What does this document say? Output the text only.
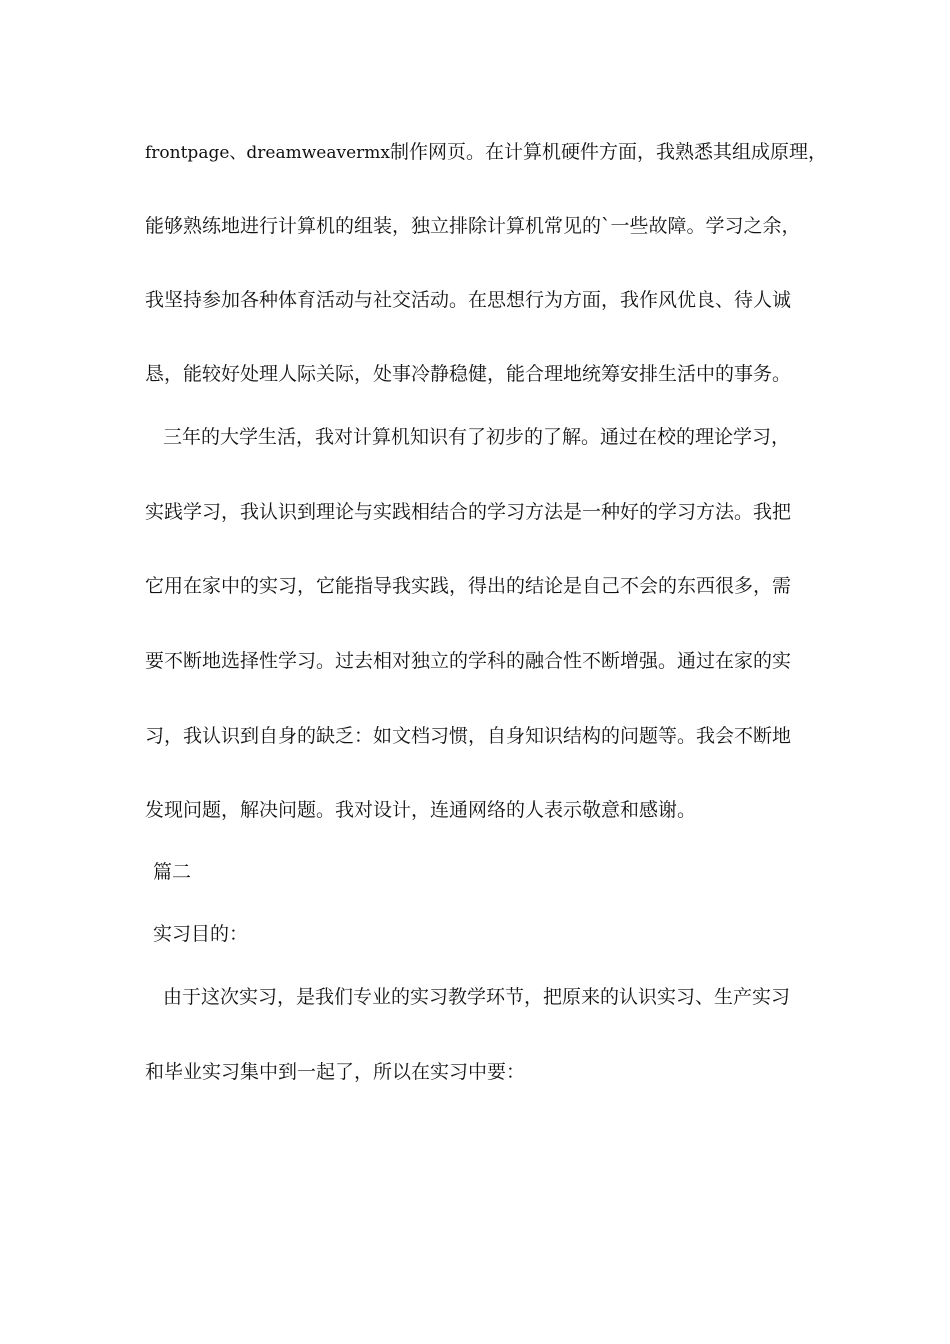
frontpage、dreamweavermx制作网页。在计算机硬件方面，我熟悉其组成原理，
能够熟练地进行计算机的组装，独立排除计算机常见的`一些故障。学习之余，
我坚持参加各种体育活动与社交活动。在思想行为方面，我作风优良、待人诚
恳，能较好处理人际关际，处事冷静稳健，能合理地统筹安排生活中的事务。
三年的大学生活，我对计算机知识有了初步的了解。通过在校的理论学习，
实践学习，我认识到理论与实践相结合的学习方法是一种好的学习方法。我把
它用在家中的实习，它能指导我实践，得出的结论是自己不会的东西很多，需
要不断地选择性学习。过去相对独立的学科的融合性不断增强。通过在家的实
习，我认识到自身的缺乏：如文档习惯，自身知识结构的问题等。我会不断地
发现问题，解决问题。我对设计，连通网络的人表示敬意和感谢。
篇二
实习目的：
由于这次实习，是我们专业的实习教学环节，把原来的认识实习、生产实习
和毕业实习集中到一起了，所以在实习中要：
